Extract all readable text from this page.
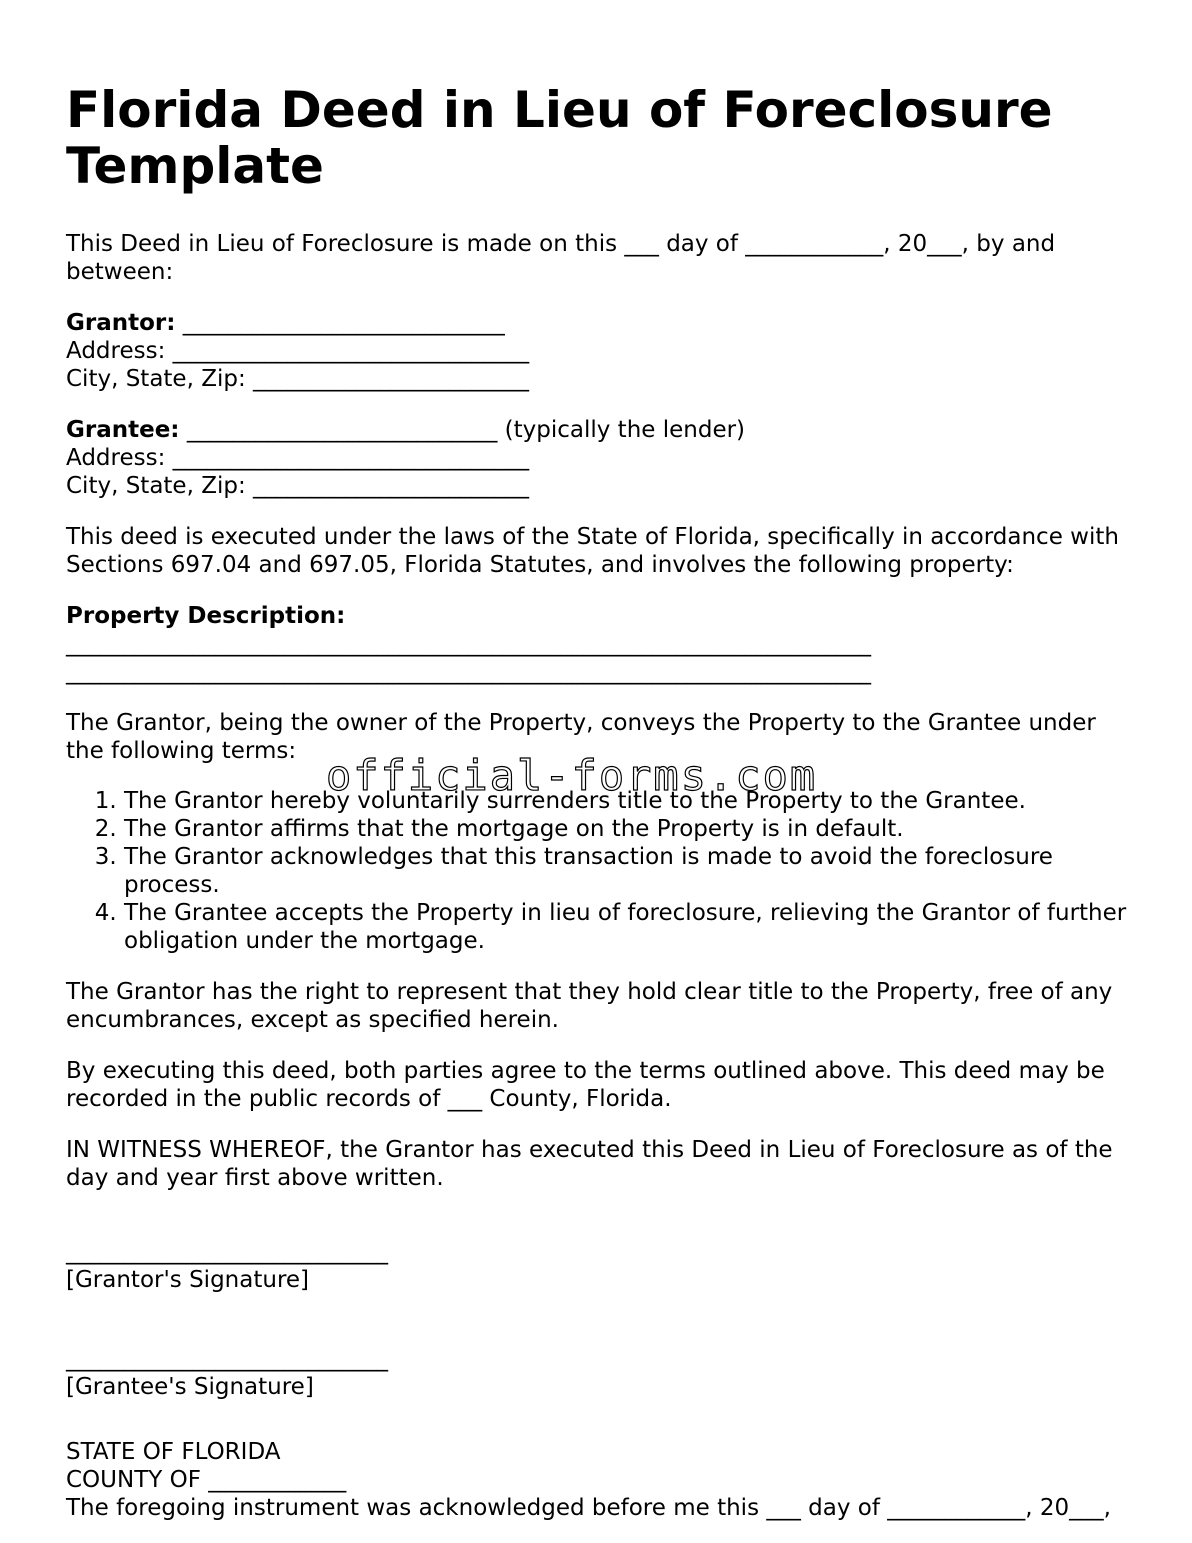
Florida Deed in Lieu of Foreclosure Template

This Deed in Lieu of Foreclosure is made on this ___ day of ____________, 20___, by and between:

Grantor: ____________________________
Address: _______________________________
City, State, Zip: ________________________
Grantee: ___________________________ (typically the lender)
Address: _______________________________
City, State, Zip: ________________________

This deed is executed under the laws of the State of Florida, specifically in accordance with Sections 697.04 and 697.05, Florida Statutes, and involves the following property:

Property Description:
______________________________________________________________________
______________________________________________________________________

The Grantor, being the owner of the Property, conveys the Property to the Grantee under the following terms:

1. The Grantor hereby voluntarily surrenders title to the Property to the Grantee.
2. The Grantor affirms that the mortgage on the Property is in default.
3. The Grantor acknowledges that this transaction is made to avoid the foreclosure process.
4. The Grantee accepts the Property in lieu of foreclosure, relieving the Grantor of further obligation under the mortgage.

The Grantor has the right to represent that they hold clear title to the Property, free of any encumbrances, except as specified herein.

By executing this deed, both parties agree to the terms outlined above. This deed may be recorded in the public records of ___ County, Florida.

IN WITNESS WHEREOF, the Grantor has executed this Deed in Lieu of Foreclosure as of the day and year first above written.

____________________________
[Grantor's Signature]
____________________________
[Grantee's Signature]
STATE OF FLORIDA
COUNTY OF ____________
The foregoing instrument was acknowledged before me this ___ day of ____________, 20___,
official-forms.com
